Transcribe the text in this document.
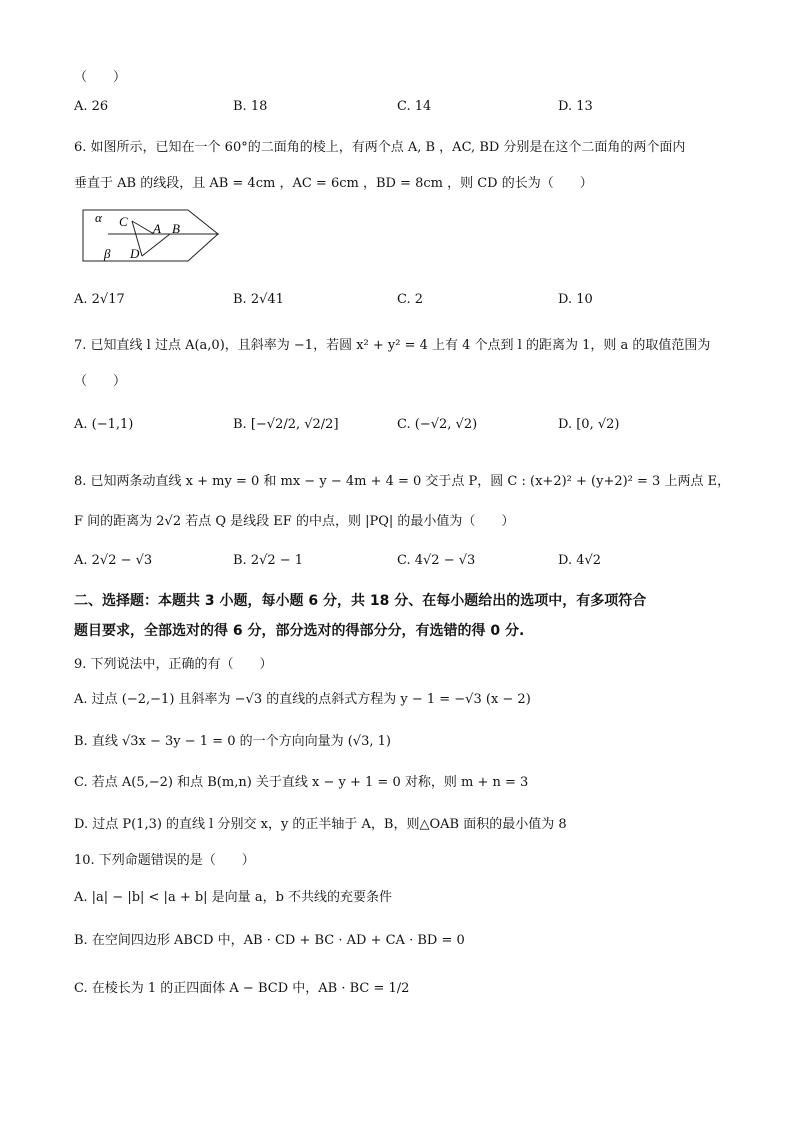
（　　）
A. 26	B. 18	C. 14	D. 13
6. 如图所示，已知在一个 60°的二面角的棱上，有两个点 A, B ，AC, BD 分别是在这个二面角的两个面内
垂直于 AB 的线段，且 AB = 4cm ，AC = 6cm ，BD = 8cm ，则 CD 的长为（　　）
α C A B
β D
A. 2√17	B. 2√41	C. 2	D. 10
7. 已知直线 l 过点 A(a,0)，且斜率为 −1，若圆 x² + y² = 4 上有 4 个点到 l 的距离为 1，则 a 的取值范围为
（　　）
A. (−1,1)	B. [−√2/2, √2/2]	C. (−√2, √2)	D. [0, √2)
8. 已知两条动直线 x + my = 0 和 mx − y − 4m + 4 = 0 交于点 P，圆 C : (x+2)² + (y+2)² = 3 上两点 E，
F 间的距离为 2√2 若点 Q 是线段 EF 的中点，则 |PQ| 的最小值为（　　）
A. 2√2 − √3	B. 2√2 − 1	C. 4√2 − √3	D. 4√2
二、选择题：本题共 3 小题，每小题 6 分，共 18 分、在每小题给出的选项中，有多项符合
题目要求，全部选对的得 6 分，部分选对的得部分分，有选错的得 0 分.
9. 下列说法中，正确的有（　　）
A. 过点 (−2,−1) 且斜率为 −√3 的直线的点斜式方程为 y − 1 = −√3 (x − 2)
B. 直线 √3x − 3y − 1 = 0 的一个方向向量为 (√3, 1)
C. 若点 A(5,−2) 和点 B(m,n) 关于直线 x − y + 1 = 0 对称，则 m + n = 3
D. 过点 P(1,3) 的直线 l 分别交 x，y 的正半轴于 A，B，则△OAB 面积的最小值为 8
10. 下列命题错误的是（　　）
A. |a| − |b| < |a + b| 是向量 a，b 不共线的充要条件
B. 在空间四边形 ABCD 中，AB · CD + BC · AD + CA · BD = 0
C. 在棱长为 1 的正四面体 A − BCD 中，AB · BC = 1/2
